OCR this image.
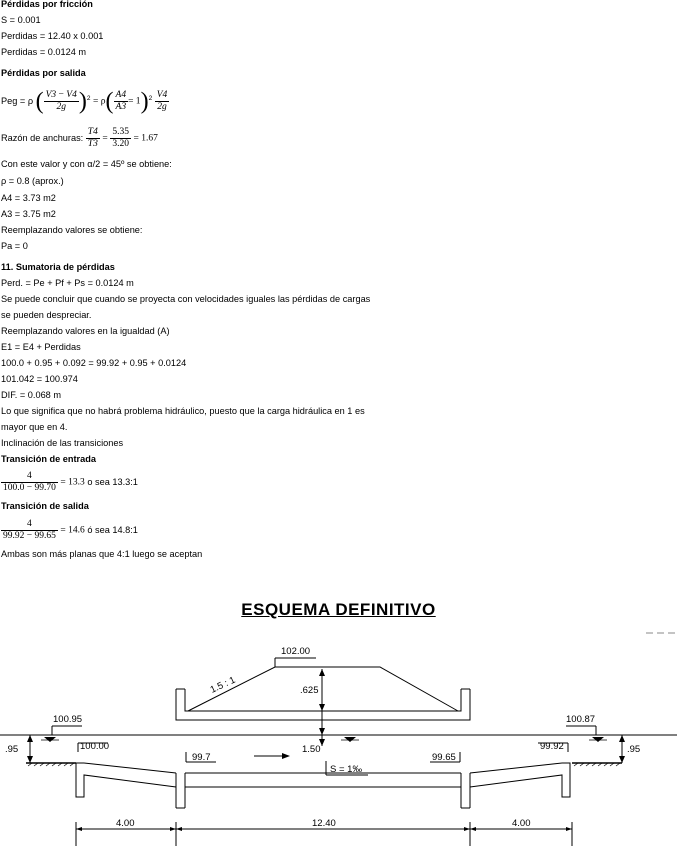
Pérdidas por fricción
S = 0.001
Perdidas = 12.40 x 0.001
Perdidas = 0.0124 m
Pérdidas por salida
Peg = ρ ( $\frac{V3 - V4}{2g} )^2 = \rho( \frac{A4}{A3} = 1)^2 \frac{V4}{2g}$
Razón de anchuras: $\frac{T4}{T3} = \frac{5.35}{3.20} = 1.67$
Con este valor y con α/2 = 45º se obtiene:
ρ = 0.8 (aprox.)
A4 = 3.73 m2
A3 = 3.75 m2
Reemplazando valores se obtiene:
Pa = 0
11. Sumatoria de pérdidas
Perd. = Pe + Pf + Ps = 0.0124 m
Se puede concluir que cuando se proyecta con velocidades iguales las pérdidas de cargas
se pueden despreciar.
Reemplazando valores en la igualdad (A)
E1 = E4 + Perdidas
100.0 + 0.95 + 0.092 = 99.92 + 0.95 + 0.0124
101.042 = 100.974
DIF. = 0.068 m
Lo que significa que no habrá problema hidráulico, puesto que la carga hidráulica en 1 es
mayor que en 4.
Inclinación de las transiciones
Transición de entrada
$\frac{4}{100.0 - 99.70} = 13.3$ o sea 13.3:1
Transición de salida
$\frac{4}{99.92 - 99.65} = 14.6$ ó sea 14.8:1
Ambas son más planas que 4:1 luego se aceptan
ESQUEMA DEFINITIVO
102.00
.625
1.5 : 1
100.95	100.87
.95	.95
100.00
99.7
1.50
99.65
99.92
S = 1‰
4.00	12.40	4.00
